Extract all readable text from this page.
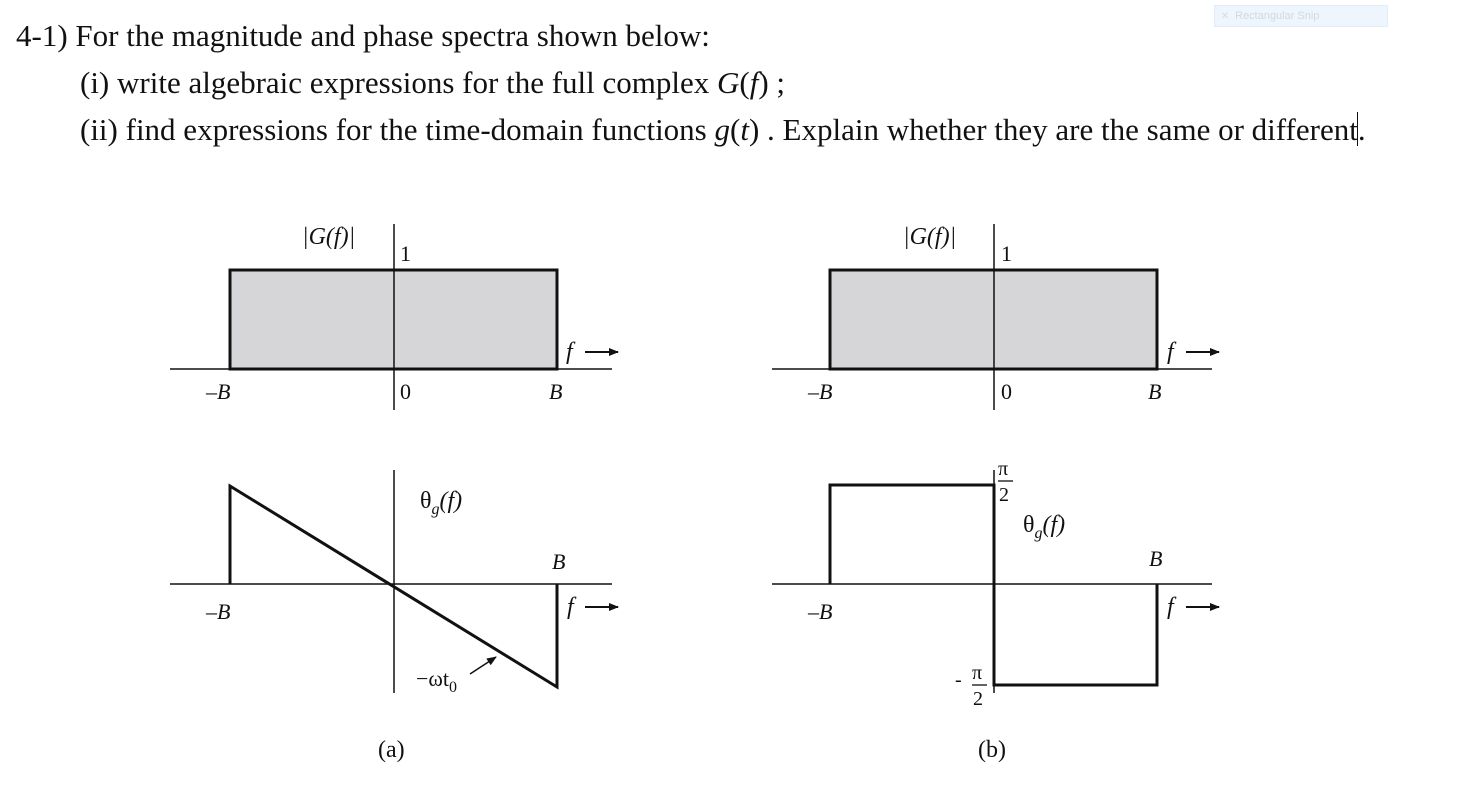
✕ Rectangular Snip
4-1) For the magnitude and phase spectra shown below:
(i) write algebraic expressions for the full complex G(f) ;
(ii) find expressions for the time-domain functions g(t) . Explain whether they are the same or different.
|G(f)|
1
0
–B	B
f
$\theta_g(f)$
B
–B	f
$-\omega t_0$
(a)
|G(f)|
1
0
–B	B
f
π
2
- π
2
$\theta_g(f)$
B
–B	f
(b)
